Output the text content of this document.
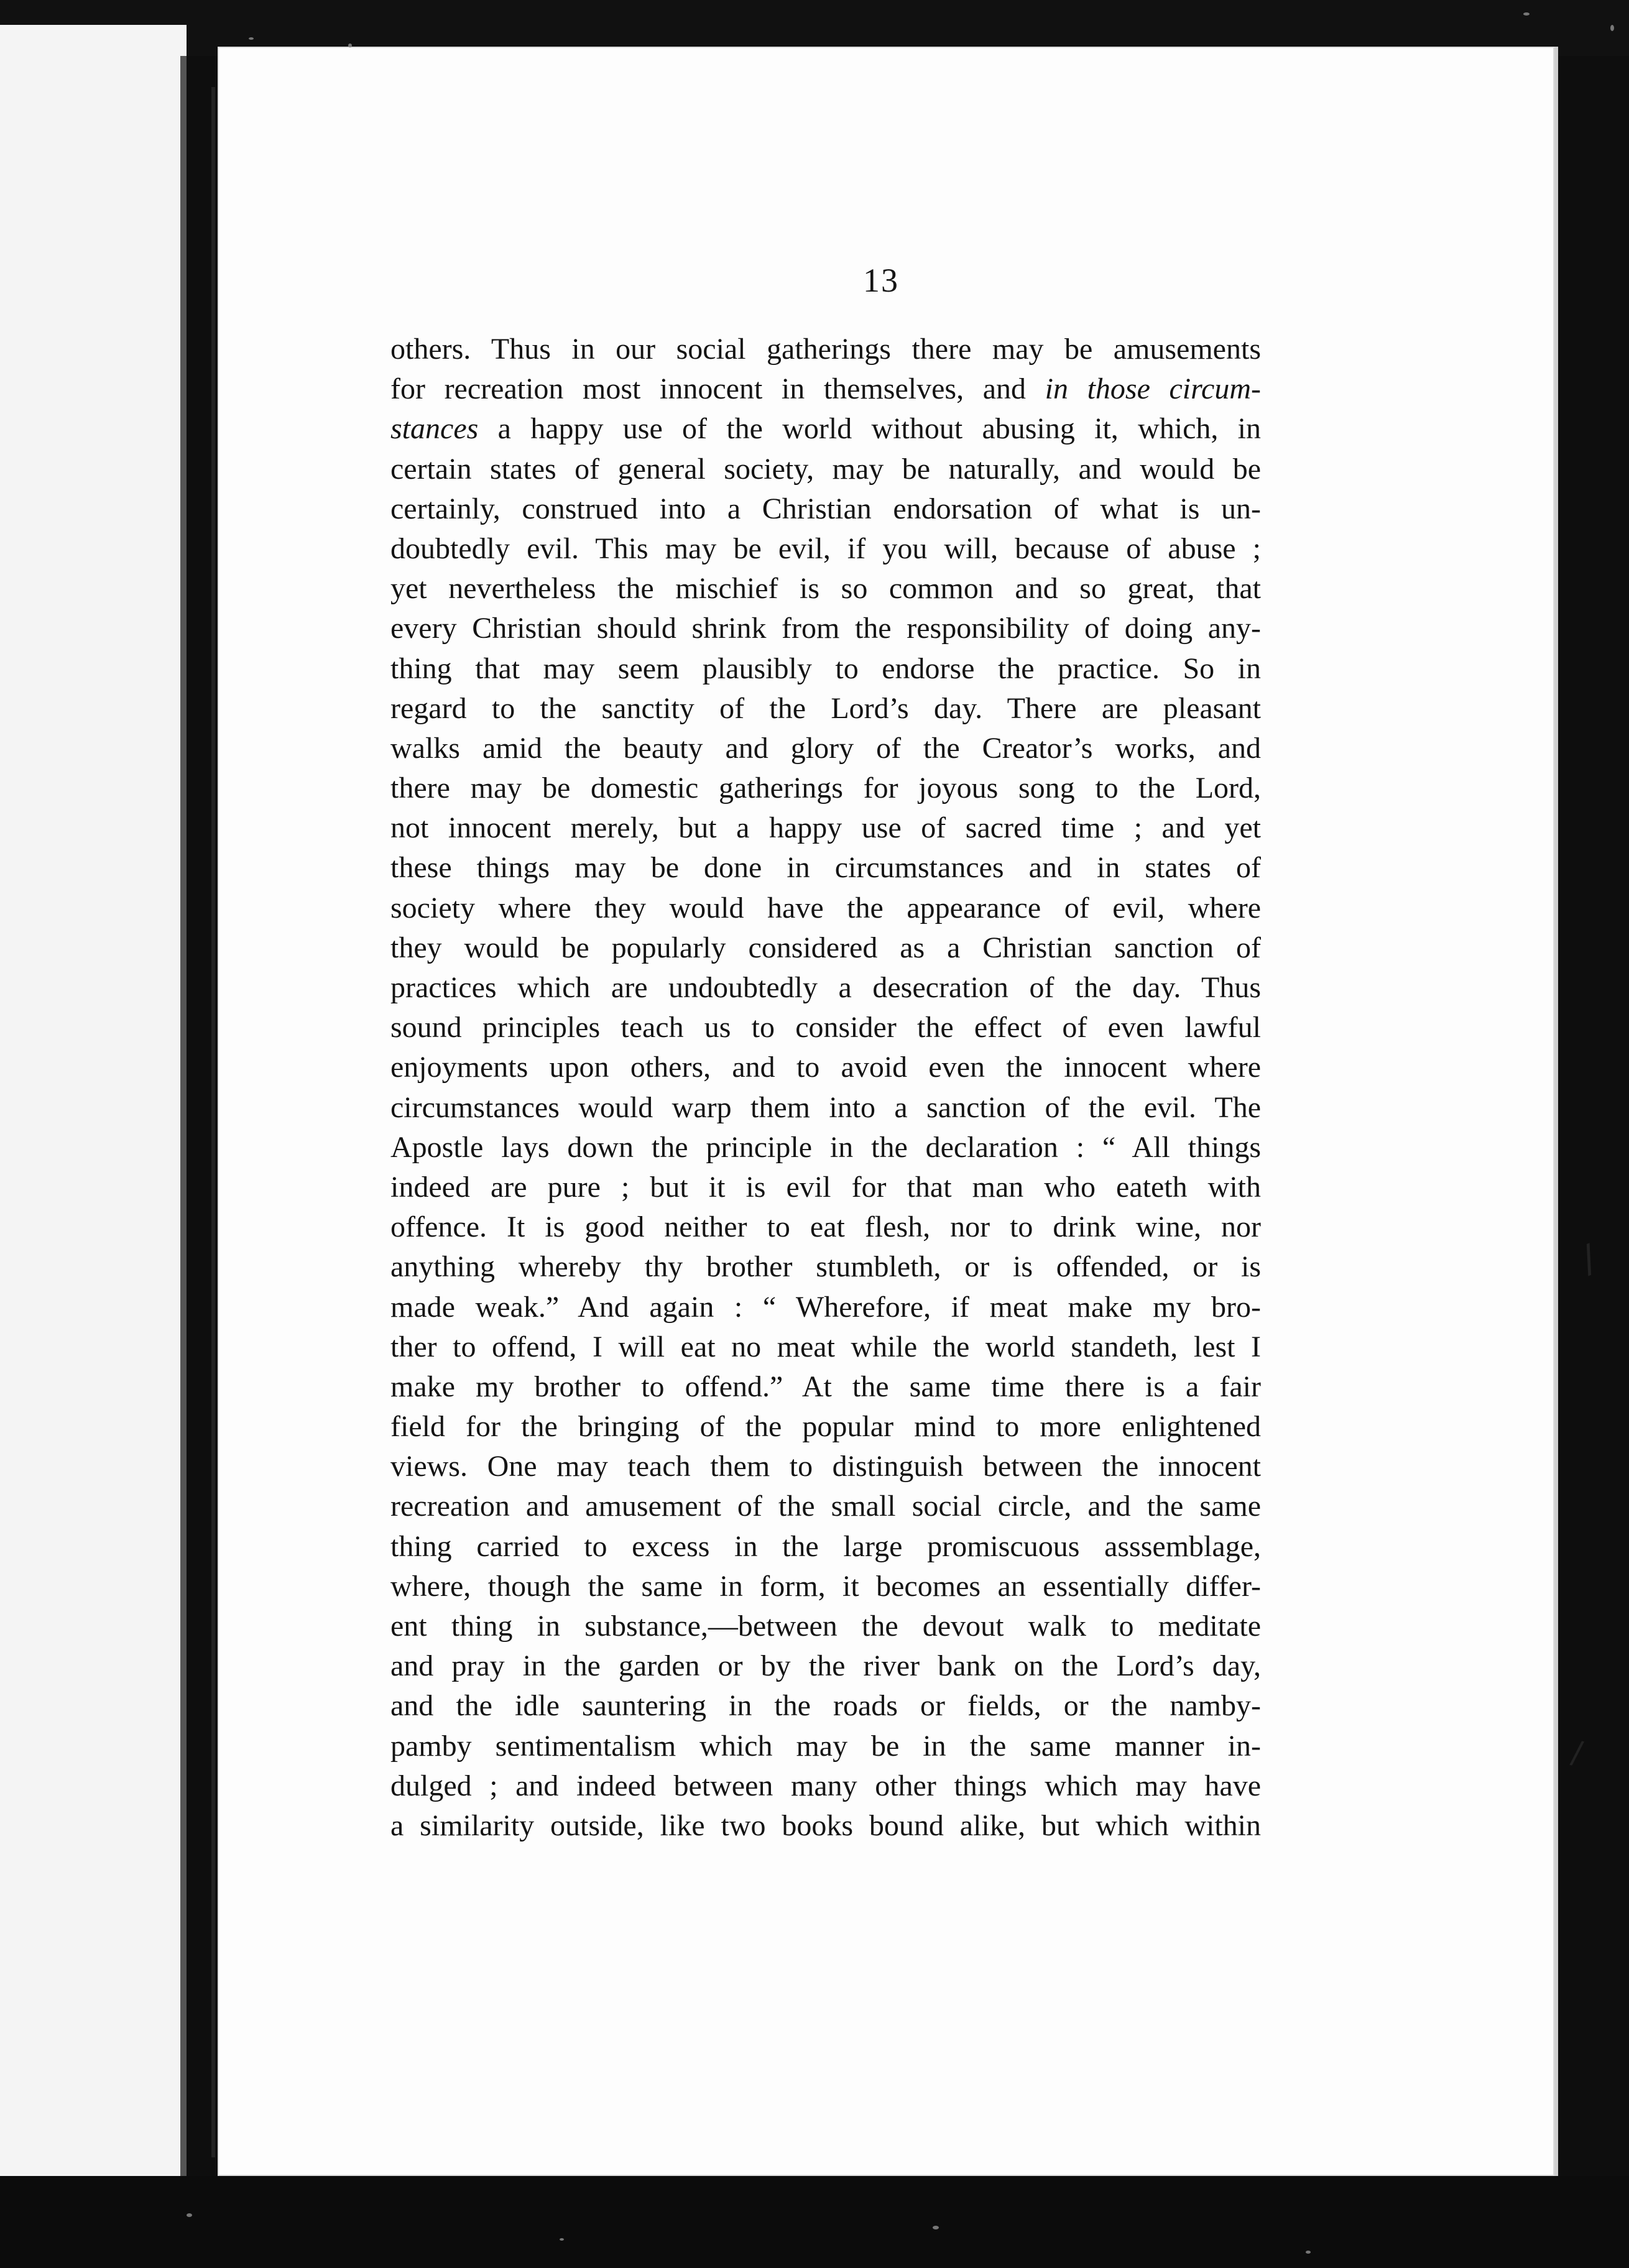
13
others. Thus in our social gatherings there may be amusements
for recreation most innocent in themselves, and in those circum-
stances a happy use of the world without abusing it, which, in
certain states of general society, may be naturally, and would be
certainly, construed into a Christian endorsation of what is un-
doubtedly evil. This may be evil, if you will, because of abuse ;
yet nevertheless the mischief is so common and so great, that
every Christian should shrink from the responsibility of doing any-
thing that may seem plausibly to endorse the practice. So in
regard to the sanctity of the Lord’s day. There are pleasant
walks amid the beauty and glory of the Creator’s works, and
there may be domestic gatherings for joyous song to the Lord,
not innocent merely, but a happy use of sacred time ; and yet
these things may be done in circumstances and in states of
society where they would have the appearance of evil, where
they would be popularly considered as a Christian sanction of
practices which are undoubtedly a desecration of the day. Thus
sound principles teach us to consider the effect of even lawful
enjoyments upon others, and to avoid even the innocent where
circumstances would warp them into a sanction of the evil. The
Apostle lays down the principle in the declaration : “ All things
indeed are pure ; but it is evil for that man who eateth with
offence. It is good neither to eat flesh, nor to drink wine, nor
anything whereby thy brother stumbleth, or is offended, or is
made weak.” And again : “ Wherefore, if meat make my bro-
ther to offend, I will eat no meat while the world standeth, lest I
make my brother to offend.” At the same time there is a fair
field for the bringing of the popular mind to more enlightened
views. One may teach them to distinguish between the innocent
recreation and amusement of the small social circle, and the same
thing carried to excess in the large promiscuous asssemblage,
where, though the same in form, it becomes an essentially differ-
ent thing in substance,—between the devout walk to meditate
and pray in the garden or by the river bank on the Lord’s day,
and the idle sauntering in the roads or fields, or the namby-
pamby sentimentalism which may be in the same manner in-
dulged ; and indeed between many other things which may have
a similarity outside, like two books bound alike, but which within
/
/
